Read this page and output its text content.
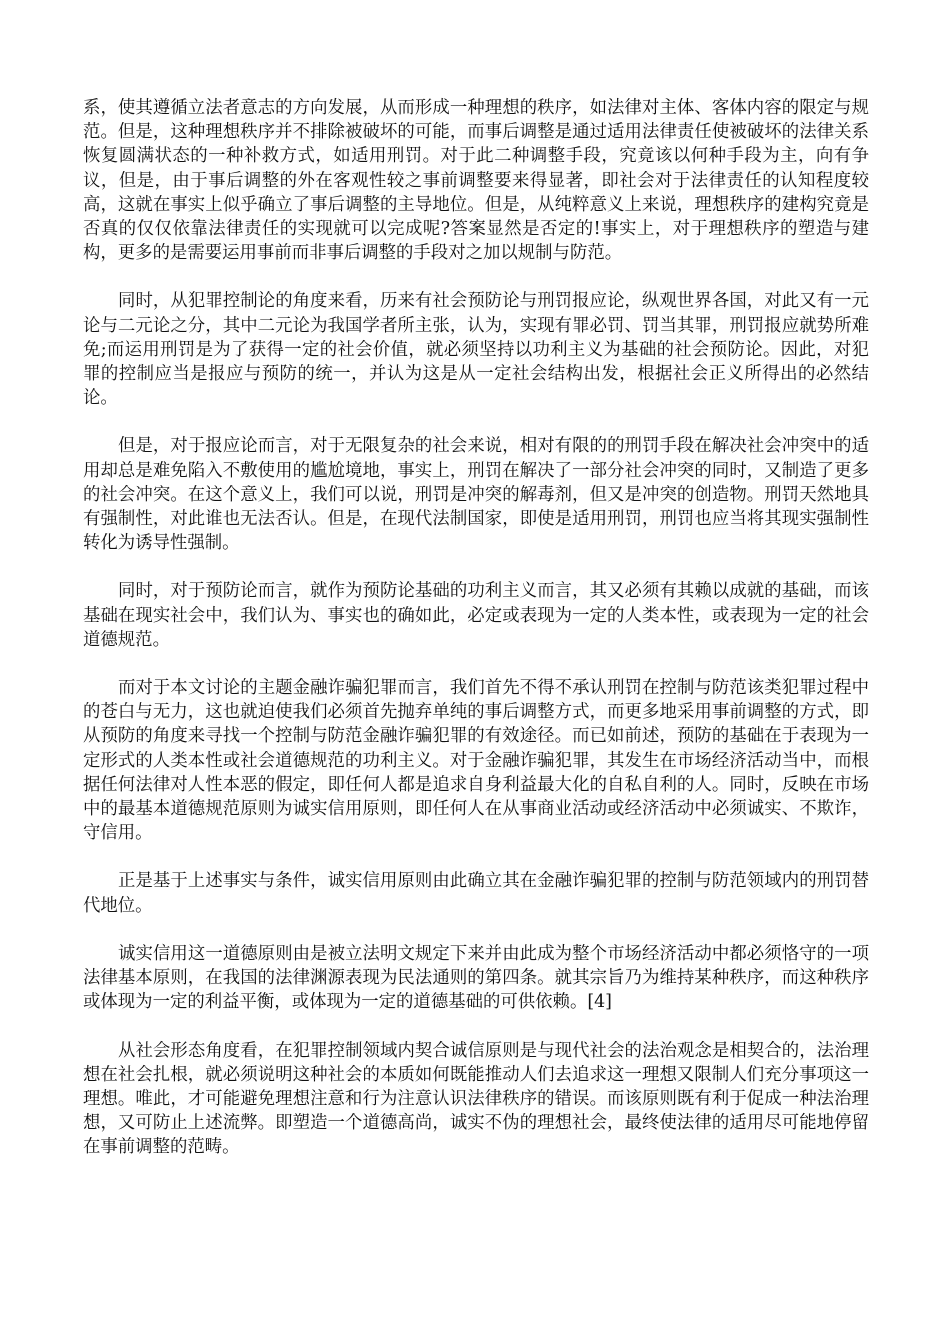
系，使其遵循立法者意志的方向发展，从而形成一种理想的秩序，如法律对主体、客体内容的限定与规范。但是，这种理想秩序并不排除被破坏的可能，而事后调整是通过适用法律责任使被破坏的法律关系恢复圆满状态的一种补救方式，如适用刑罚。对于此二种调整手段，究竟该以何种手段为主，向有争议，但是，由于事后调整的外在客观性较之事前调整要来得显著，即社会对于法律责任的认知程度较高，这就在事实上似乎确立了事后调整的主导地位。但是，从纯粹意义上来说，理想秩序的建构究竟是否真的仅仅依靠法律责任的实现就可以完成呢?答案显然是否定的!事实上，对于理想秩序的塑造与建构，更多的是需要运用事前而非事后调整的手段对之加以规制与防范。

同时，从犯罪控制论的角度来看，历来有社会预防论与刑罚报应论，纵观世界各国，对此又有一元论与二元论之分，其中二元论为我国学者所主张，认为，实现有罪必罚、罚当其罪，刑罚报应就势所难免;而运用刑罚是为了获得一定的社会价值，就必须坚持以功利主义为基础的社会预防论。因此，对犯罪的控制应当是报应与预防的统一，并认为这是从一定社会结构出发，根据社会正义所得出的必然结论。

但是，对于报应论而言，对于无限复杂的社会来说，相对有限的的刑罚手段在解决社会冲突中的适用却总是难免陷入不敷使用的尴尬境地，事实上，刑罚在解决了一部分社会冲突的同时，又制造了更多的社会冲突。在这个意义上，我们可以说，刑罚是冲突的解毒剂，但又是冲突的创造物。刑罚天然地具有强制性，对此谁也无法否认。但是，在现代法制国家，即使是适用刑罚，刑罚也应当将其现实强制性转化为诱导性强制。

同时，对于预防论而言，就作为预防论基础的功利主义而言，其又必须有其赖以成就的基础，而该基础在现实社会中，我们认为、事实也的确如此，必定或表现为一定的人类本性，或表现为一定的社会道德规范。

而对于本文讨论的主题金融诈骗犯罪而言，我们首先不得不承认刑罚在控制与防范该类犯罪过程中的苍白与无力，这也就迫使我们必须首先抛弃单纯的事后调整方式，而更多地采用事前调整的方式，即从预防的角度来寻找一个控制与防范金融诈骗犯罪的有效途径。而已如前述，预防的基础在于表现为一定形式的人类本性或社会道德规范的功利主义。对于金融诈骗犯罪，其发生在市场经济活动当中，而根据任何法律对人性本恶的假定，即任何人都是追求自身利益最大化的自私自利的人。同时，反映在市场中的最基本道德规范原则为诚实信用原则，即任何人在从事商业活动或经济活动中必须诚实、不欺诈，守信用。

正是基于上述事实与条件，诚实信用原则由此确立其在金融诈骗犯罪的控制与防范领域内的刑罚替代地位。

诚实信用这一道德原则由是被立法明文规定下来并由此成为整个市场经济活动中都必须恪守的一项法律基本原则，在我国的法律渊源表现为民法通则的第四条。就其宗旨乃为维持某种秩序，而这种秩序或体现为一定的利益平衡，或体现为一定的道德基础的可供依赖。[4]

从社会形态角度看，在犯罪控制领域内契合诚信原则是与现代社会的法治观念是相契合的，法治理想在社会扎根，就必须说明这种社会的本质如何既能推动人们去追求这一理想又限制人们充分事项这一理想。唯此，才可能避免理想注意和行为注意认识法律秩序的错误。而该原则既有利于促成一种法治理想，又可防止上述流弊。即塑造一个道德高尚，诚实不伪的理想社会，最终使法律的适用尽可能地停留在事前调整的范畴。
